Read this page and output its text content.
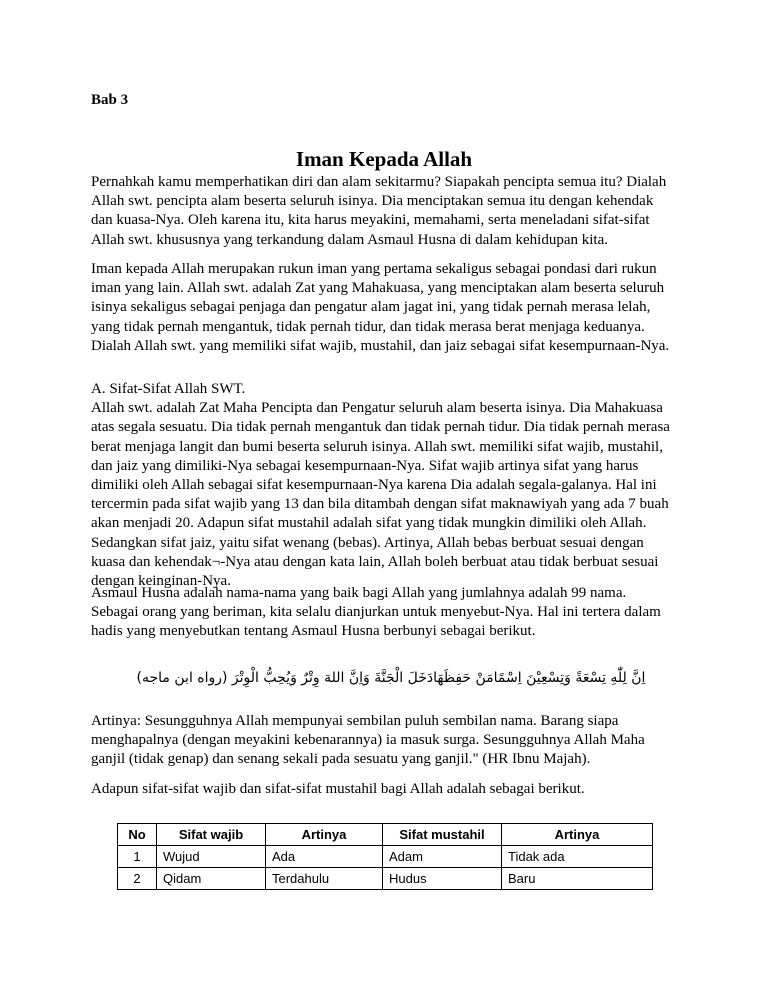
Bab 3

Iman Kepada Allah

Pernahkah kamu memperhatikan diri dan alam sekitarmu? Siapakah pencipta semua itu? Dialah
Allah swt. pencipta alam beserta seluruh isinya. Dia menciptakan semua itu dengan kehendak
dan kuasa-Nya. Oleh karena itu, kita harus meyakini, memahami, serta meneladani sifat-sifat
Allah swt. khususnya yang terkandung dalam Asmaul Husna di dalam kehidupan kita.

Iman kepada Allah merupakan rukun iman yang pertama sekaligus sebagai pondasi dari rukun
iman yang lain. Allah swt. adalah Zat yang Mahakuasa, yang menciptakan alam beserta seluruh
isinya sekaligus sebagai penjaga dan pengatur alam jagat ini, yang tidak pernah merasa lelah,
yang tidak pernah mengantuk, tidak pernah tidur, dan tidak merasa berat menjaga keduanya.
Dialah Allah swt. yang memiliki sifat wajib, mustahil, dan jaiz sebagai sifat kesempurnaan-Nya.

A. Sifat-Sifat Allah SWT.
Allah swt. adalah Zat Maha Pencipta dan Pengatur seluruh alam beserta isinya. Dia Mahakuasa
atas segala sesuatu. Dia tidak pernah mengantuk dan tidak pernah tidur. Dia tidak pernah merasa
berat menjaga langit dan bumi beserta seluruh isinya. Allah swt. memiliki sifat wajib, mustahil,
dan jaiz yang dimiliki-Nya sebagai kesempurnaan-Nya. Sifat wajib artinya sifat yang harus
dimiliki oleh Allah sebagai sifat kesempurnaan-Nya karena Dia adalah segala-galanya. Hal ini
tercermin pada sifat wajib yang 13 dan bila ditambah dengan sifat maknawiyah yang ada 7 buah
akan menjadi 20. Adapun sifat mustahil adalah sifat yang tidak mungkin dimiliki oleh Allah.
Sedangkan sifat jaiz, yaitu sifat wenang (bebas). Artinya, Allah bebas berbuat sesuai dengan
kuasa dan kehendak¬-Nya atau dengan kata lain, Allah boleh berbuat atau tidak berbuat sesuai
dengan keinginan-Nya.

Asmaul Husna adalah nama-nama yang baik bagi Allah yang jumlahnya adalah 99 nama.
Sebagai orang yang beriman, kita selalu dianjurkan untuk menyebut-Nya. Hal ini tertera dalam
hadis yang menyebutkan tentang Asmaul Husna berbunyi sebagai berikut.

اِنَّ لِلّٰهِ تِسْعَةً وَتِسْعِيْنَ اِسْمًامَنْ حَفِظَهَادَخَلَ الْجَنَّةَ وَاِنَّ اللهَ وِتْرٌ وَيُحِبُّ الْوِتْرَ (رواه ابن ماجه)

Artinya: Sesungguhnya Allah mempunyai sembilan puluh sembilan nama. Barang siapa
menghapalnya (dengan meyakini kebenarannya) ia masuk surga. Sesungguhnya Allah Maha
ganjil (tidak genap) dan senang sekali pada sesuatu yang ganjil." (HR Ibnu Majah).

Adapun sifat-sifat wajib dan sifat-sifat mustahil bagi Allah adalah sebagai berikut.

No	Sifat wajib	Artinya	Sifat mustahil	Artinya
1	Wujud	Ada	Adam	Tidak ada
2	Qidam	Terdahulu	Hudus	Baru
